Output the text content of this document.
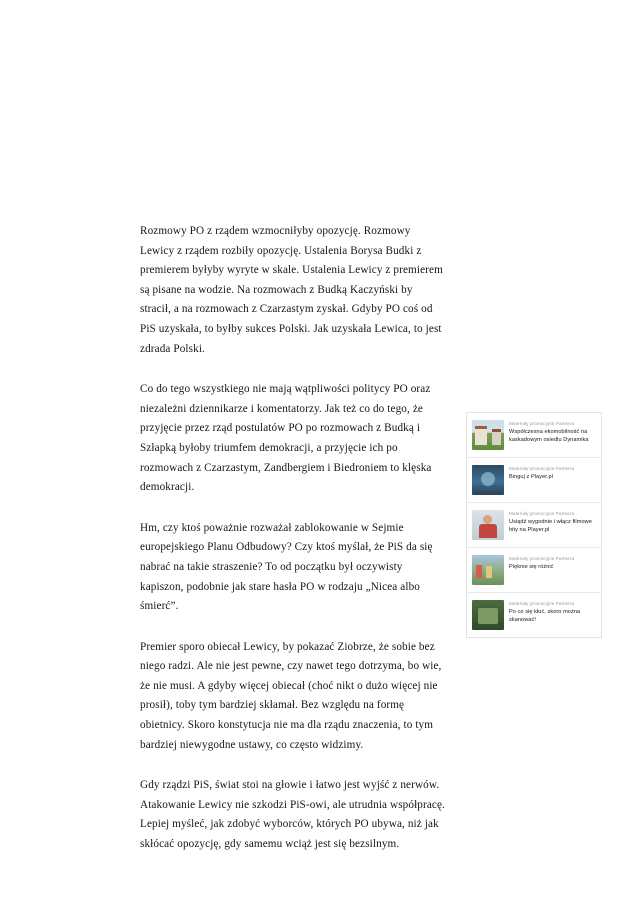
Rozmowy PO z rządem wzmocniłyby opozycję. Rozmowy Lewicy z rządem rozbiły opozycję. Ustalenia Borysa Budki z premierem byłyby wyryte w skale. Ustalenia Lewicy z premierem są pisane na wodzie. Na rozmowach z Budką Kaczyński by stracił, a na rozmowach z Czarzastym zyskał. Gdyby PO coś od PiS uzyskała, to byłby sukces Polski. Jak uzyskała Lewica, to jest zdrada Polski.

Co do tego wszystkiego nie mają wątpliwości politycy PO oraz niezależni dziennikarze i komentatorzy. Jak też co do tego, że przyjęcie przez rząd postulatów PO po rozmowach z Budką i Szłapką byłoby triumfem demokracji, a przyjęcie ich po rozmowach z Czarzastym, Zandbergiem i Biedroniem to klęska demokracji.

Hm, czy ktoś poważnie rozważał zablokowanie w Sejmie europejskiego Planu Odbudowy? Czy ktoś myślał, że PiS da się nabrać na takie straszenie? To od początku był oczywisty kapiszon, podobnie jak stare hasła PO w rodzaju „Nicea albo śmierć”.

Premier sporo obiecał Lewicy, by pokazać Ziobrze, że sobie bez niego radzi. Ale nie jest pewne, czy nawet tego dotrzyma, bo wie, że nie musi. A gdyby więcej obiecał (choć nikt o dużo więcej nie prosił), toby tym bardziej skłamał. Bez względu na formę obietnicy. Skoro konstytucja nie ma dla rządu znaczenia, to tym bardziej niewygodne ustawy, co często widzimy.

Gdy rządzi PiS, świat stoi na głowie i łatwo jest wyjść z nerwów. Atakowanie Lewicy nie szkodzi PiS-owi, ale utrudnia współpracę. Lepiej myśleć, jak zdobyć wyborców, których PO ubywa, niż jak skłócać opozycję, gdy samemu wciąż jest się bezsilnym.

Materiały promocyjne Partnera
Współczesna ekomobilność na kaskadowym osiedlu Dynamika
Materiały promocyjne Partnera
Binguj z Player.pl
Materiały promocyjne Partnera
Usiądź wygodnie i włącz filmowe hity na Player.pl
Materiały promocyjne Partnera
Pięknie się różnić
Materiały promocyjne Partnera
Po co się kłuć, skoro można skanować!
